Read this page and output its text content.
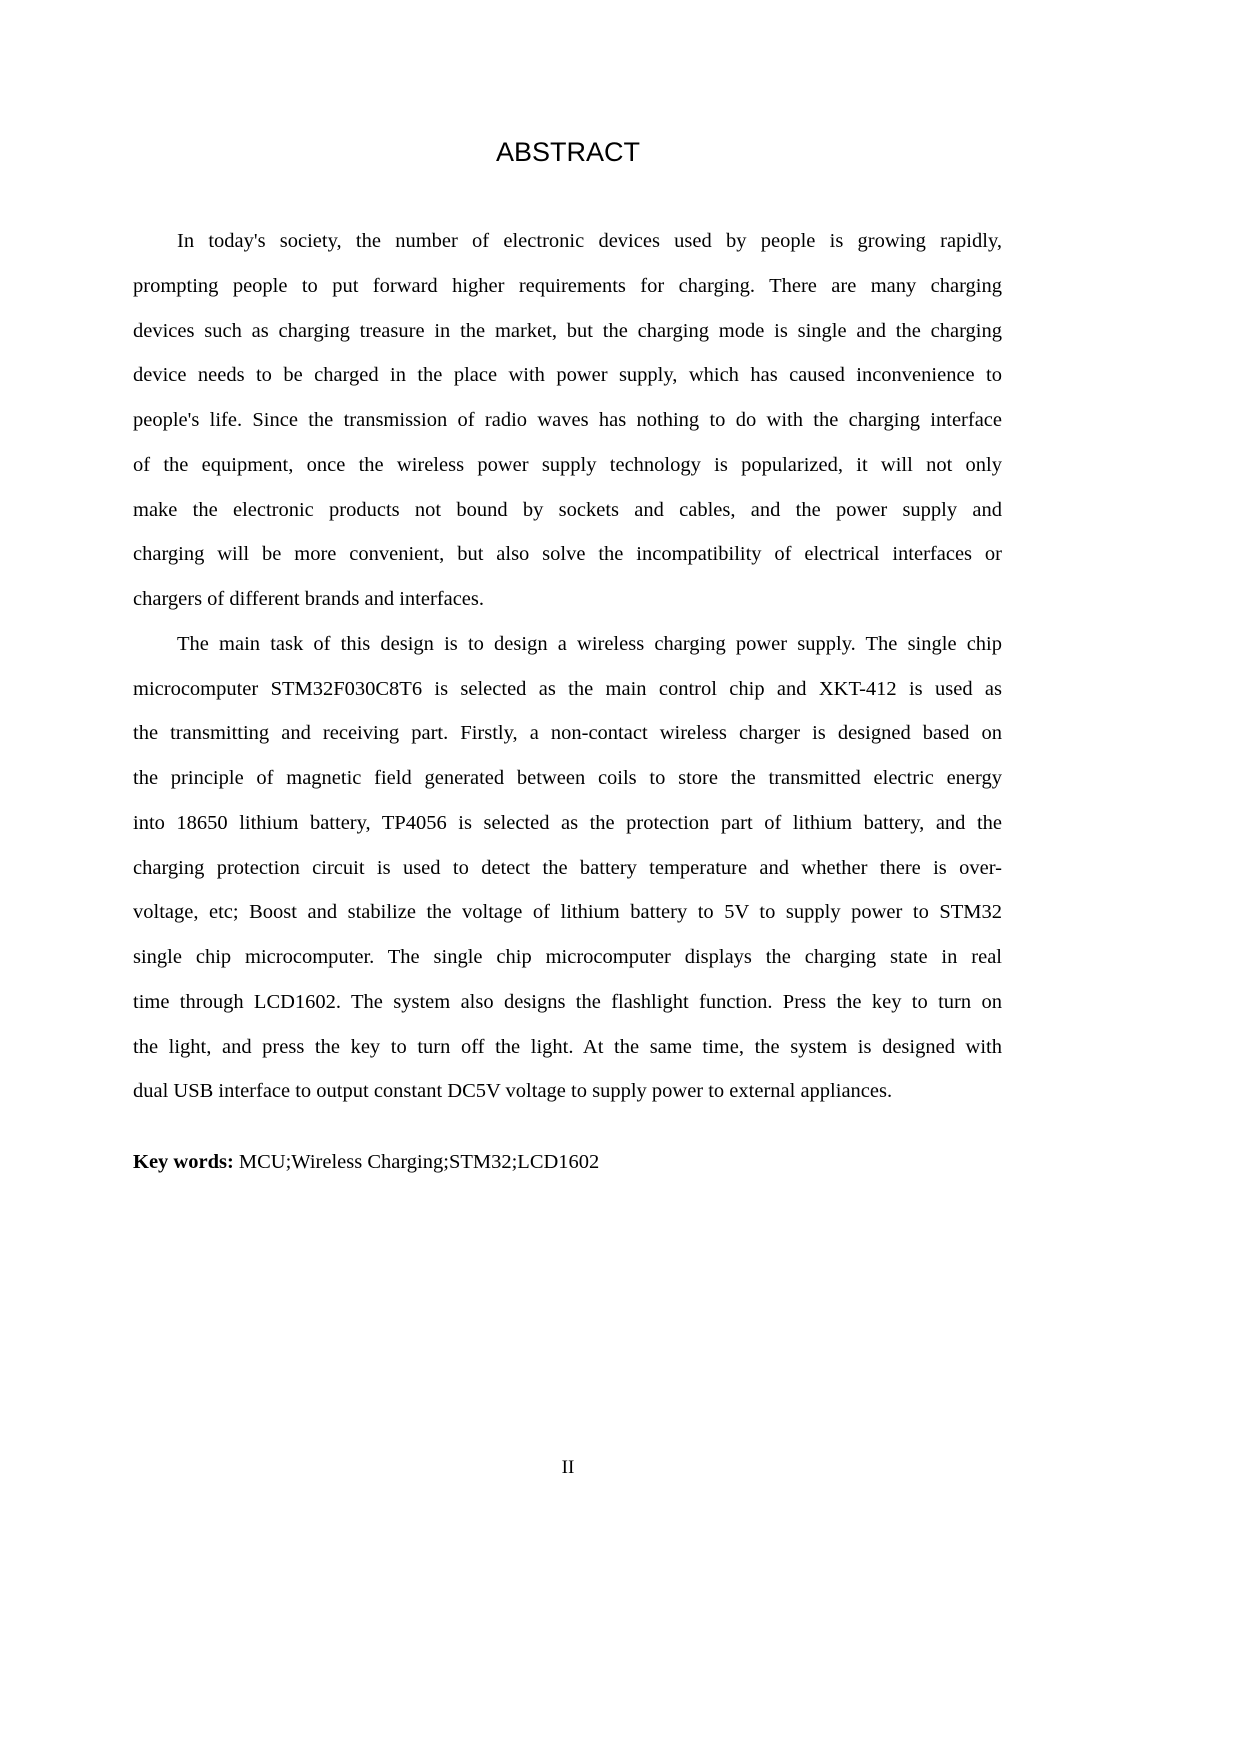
ABSTRACT
In today's society, the number of electronic devices used by people is growing rapidly,
prompting people to put forward higher requirements for charging. There are many charging
devices such as charging treasure in the market, but the charging mode is single and the charging
device needs to be charged in the place with power supply, which has caused inconvenience to
people's life. Since the transmission of radio waves has nothing to do with the charging interface
of the equipment, once the wireless power supply technology is popularized, it will not only
make the electronic products not bound by sockets and cables, and the power supply and
charging will be more convenient, but also solve the incompatibility of electrical interfaces or
chargers of different brands and interfaces.
The main task of this design is to design a wireless charging power supply. The single chip
microcomputer STM32F030C8T6 is selected as the main control chip and XKT-412 is used as
the transmitting and receiving part. Firstly, a non-contact wireless charger is designed based on
the principle of magnetic field generated between coils to store the transmitted electric energy
into 18650 lithium battery, TP4056 is selected as the protection part of lithium battery, and the
charging protection circuit is used to detect the battery temperature and whether there is over-
voltage, etc; Boost and stabilize the voltage of lithium battery to 5V to supply power to STM32
single chip microcomputer. The single chip microcomputer displays the charging state in real
time through LCD1602. The system also designs the flashlight function. Press the key to turn on
the light, and press the key to turn off the light. At the same time, the system is designed with
dual USB interface to output constant DC5V voltage to supply power to external appliances.
Key words: MCU;Wireless Charging;STM32;LCD1602
II
